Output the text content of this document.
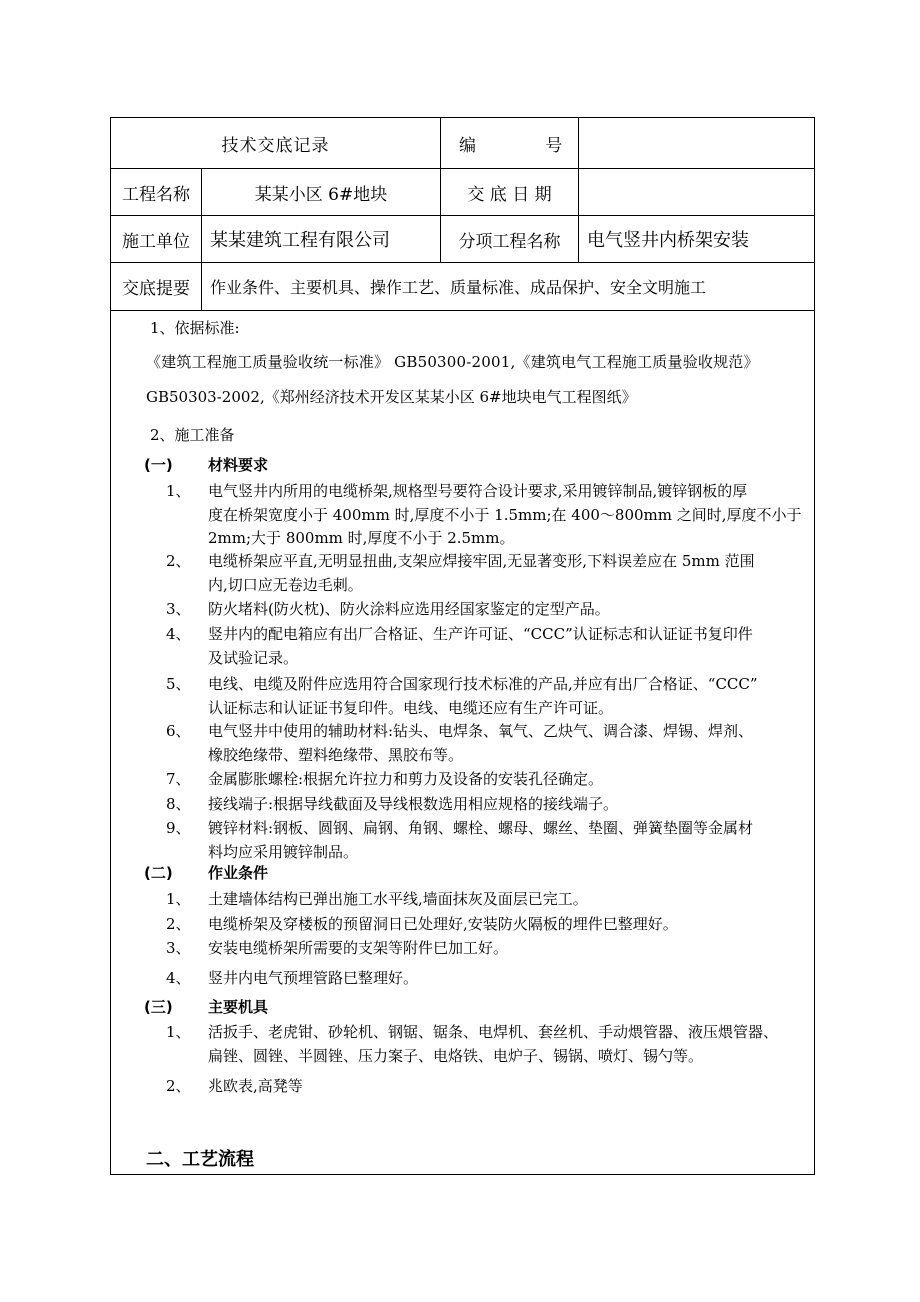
技术交底记录		编 号	
工程名称	某某小区 6#地块	交 底 日 期	
施工单位	某某建筑工程有限公司	分项工程名称	电气竖井内桥架安装
交底提要	作业条件、主要机具、操作工艺、质量标准、成品保护、安全文明施工		
1、依据标准:
《建筑工程施工质量验收统一标准》 GB50300-2001,《建筑电气工程施工质量验收规范》
GB50303-2002,《郑州经济技术开发区某某小区 6#地块电气工程图纸》
2、施工准备
(一) 材料要求
1、 电气竖井内所用的电缆桥架,规格型号要符合设计要求,采用镀锌制品,镀锌钢板的厚
度在桥架宽度小于 400mm 时,厚度不小于 1.5mm;在 400～800mm 之间时,厚度不小于
2mm;大于 800mm 时,厚度不小于 2.5mm。
2、 电缆桥架应平直,无明显扭曲,支架应焊接牢固,无显著变形,下料误差应在 5mm 范围
内,切口应无卷边毛刺。
3、 防火堵料(防火枕)、防火涂料应选用经国家鉴定的定型产品。
4、 竖井内的配电箱应有出厂合格证、生产许可证、“CCC”认证标志和认证证书复印件
及试验记录。
5、 电线、电缆及附件应选用符合国家现行技术标准的产品,并应有出厂合格证、“CCC”
认证标志和认证证书复印件。电线、电缆还应有生产许可证。
6、 电气竖井中使用的辅助材料:钻头、电焊条、氧气、乙炔气、调合漆、焊锡、焊剂、
橡胶绝缘带、塑料绝缘带、黑胶布等。
7、 金属膨胀螺栓:根据允许拉力和剪力及设备的安装孔径确定。
8、 接线端子:根据导线截面及导线根数选用相应规格的接线端子。
9、 镀锌材料:钢板、圆钢、扁钢、角钢、螺栓、螺母、螺丝、垫圈、弹簧垫圈等金属材
料均应采用镀锌制品。
(二) 作业条件
1、 土建墙体结构已弹出施工水平线,墙面抹灰及面层已完工。
2、 电缆桥架及穿楼板的预留洞日已处理好,安装防火隔板的埋件巳整理好。
3、 安装电缆桥架所需要的支架等附件巳加工好。
4、 竖井内电气预埋管路巳整理好。
(三) 主要机具
1、 活扳手、老虎钳、砂轮机、钢锯、锯条、电焊机、套丝机、手动煨管器、液压煨管器、
扁锉、圆锉、半圆锉、压力案子、电烙铁、电炉子、锡锅、喷灯、锡勺等。
2、 兆欧表,高凳等
二、工艺流程
